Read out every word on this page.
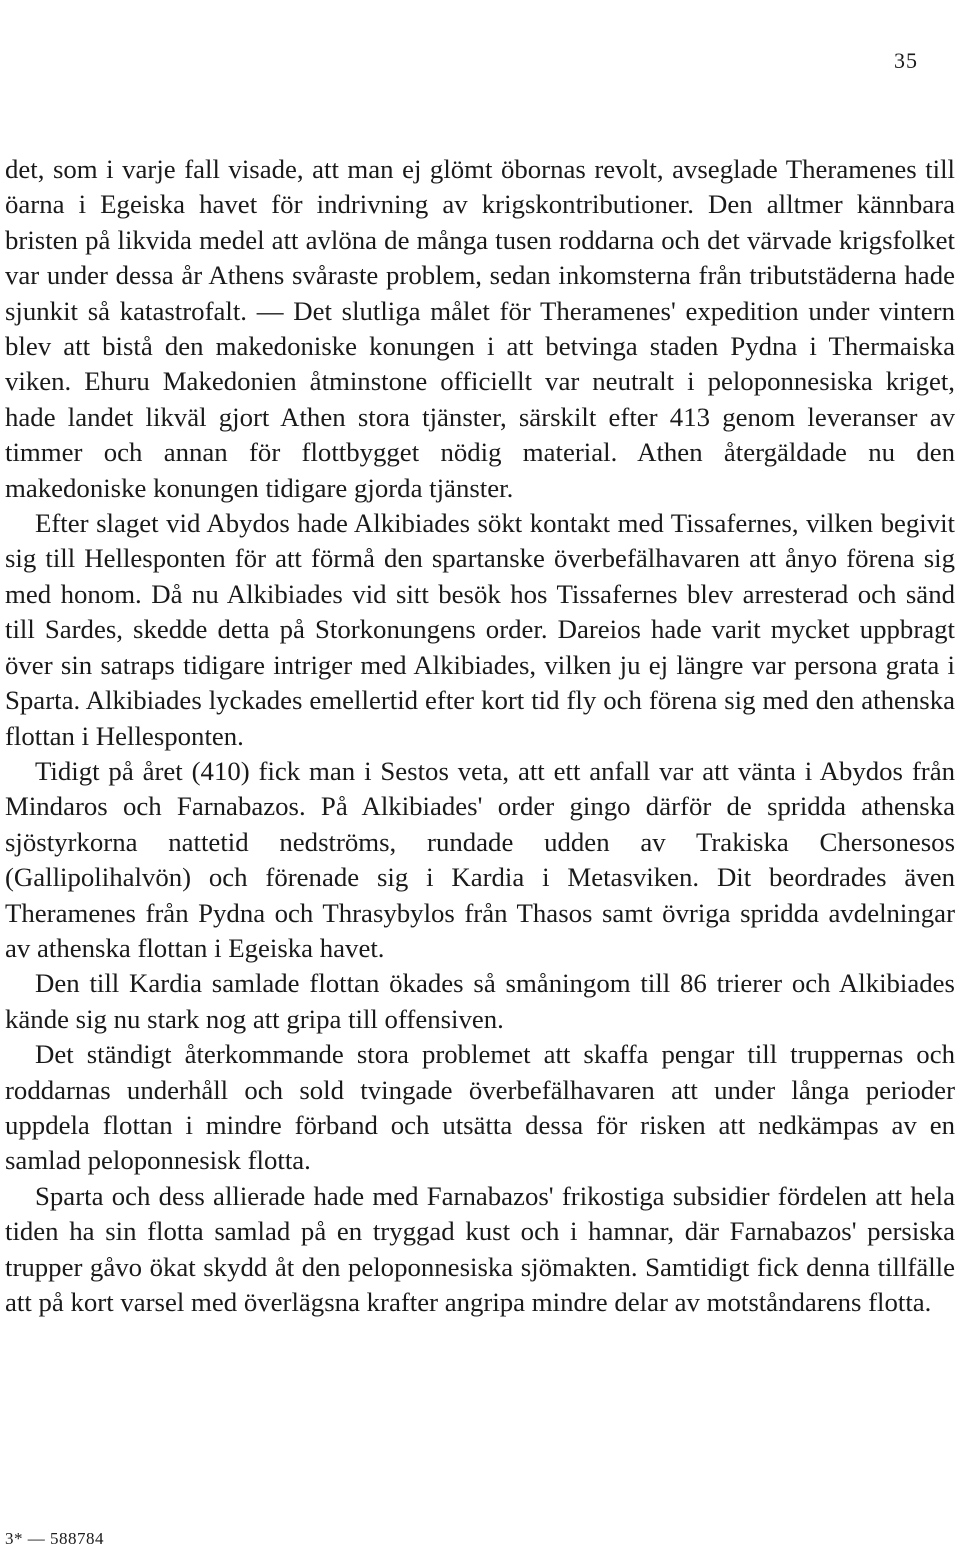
35

det, som i varje fall visade, att man ej glömt öbornas revolt, avseglade Theramenes till öarna i Egeiska havet för indrivning av krigskontributioner. Den alltmer kännbara bristen på likvida medel att avlöna de många tusen roddarna och det värvade krigsfolket var under dessa år Athens svåraste problem, sedan inkomsterna från tributstäderna hade sjunkit så katastrofalt. — Det slutliga målet för Theramenes' expedition under vintern blev att bistå den makedoniske konungen i att betvinga staden Pydna i Thermaiska viken. Ehuru Makedonien åtminstone officiellt var neutralt i peloponnesiska kriget, hade landet likväl gjort Athen stora tjänster, särskilt efter 413 genom leveranser av timmer och annan för flottbygget nödig material. Athen återgäldade nu den makedoniske konungen tidigare gjorda tjänster.

Efter slaget vid Abydos hade Alkibiades sökt kontakt med Tissafernes, vilken begivit sig till Hellesponten för att förmå den spartanske överbefälhavaren att ånyo förena sig med honom. Då nu Alkibiades vid sitt besök hos Tissafernes blev arresterad och sänd till Sardes, skedde detta på Storkonungens order. Dareios hade varit mycket uppbragt över sin satraps tidigare intriger med Alkibiades, vilken ju ej längre var persona grata i Sparta. Alkibiades lyckades emellertid efter kort tid fly och förena sig med den athenska flottan i Hellesponten.

Tidigt på året (410) fick man i Sestos veta, att ett anfall var att vänta i Abydos från Mindaros och Farnabazos. På Alkibiades' order gingo därför de spridda athenska sjöstyrkorna nattetid nedströms, rundade udden av Trakiska Chersonesos (Gallipolihalvön) och förenade sig i Kardia i Metasviken. Dit beordrades även Theramenes från Pydna och Thrasybylos från Thasos samt övriga spridda avdelningar av athenska flottan i Egeiska havet.

Den till Kardia samlade flottan ökades så småningom till 86 trierer och Alkibiades kände sig nu stark nog att gripa till offensiven.

Det ständigt återkommande stora problemet att skaffa pengar till truppernas och roddarnas underhåll och sold tvingade överbefälhavaren att under långa perioder uppdela flottan i mindre förband och utsätta dessa för risken att nedkämpas av en samlad peloponnesisk flotta.

Sparta och dess allierade hade med Farnabazos' frikostiga subsidier fördelen att hela tiden ha sin flotta samlad på en tryggad kust och i hamnar, där Farnabazos' persiska trupper gåvo ökat skydd åt den peloponnesiska sjömakten. Samtidigt fick denna tillfälle att på kort varsel med överlägsna krafter angripa mindre delar av motståndarens flotta.

3* — 588784
